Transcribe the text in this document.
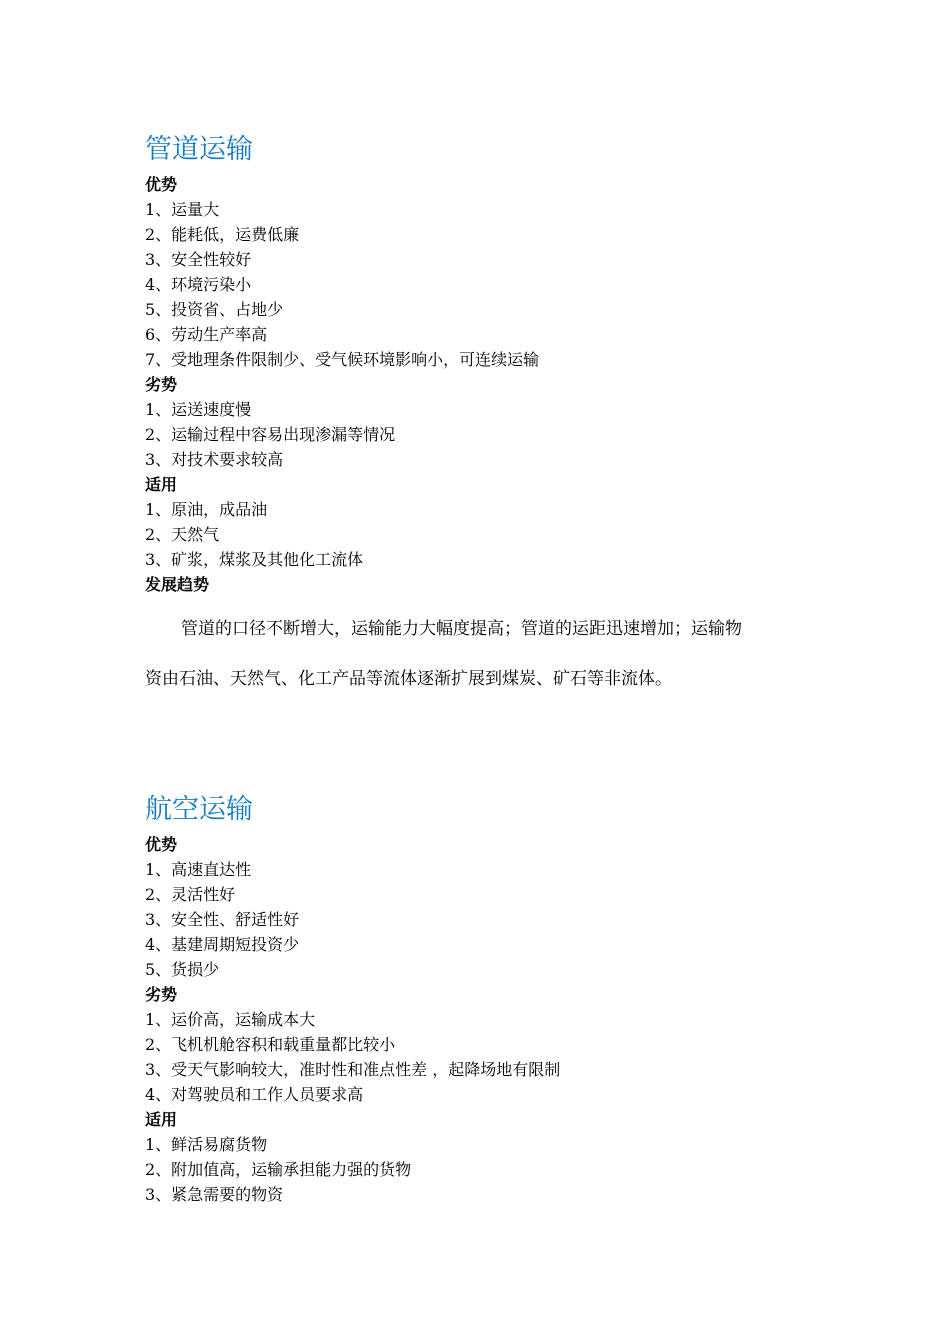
管道运输
优势
1、运量大
2、能耗低，运费低廉
3、安全性较好
4、环境污染小
5、投资省、占地少
6、劳动生产率高
7、受地理条件限制少、受气候环境影响小，可连续运输
劣势
1、运送速度慢
2、运输过程中容易出现渗漏等情况
3、对技术要求较高
适用
1、原油，成品油
2、天然气
3、矿浆，煤浆及其他化工流体
发展趋势

管道的口径不断增大，运输能力大幅度提高；管道的运距迅速增加；运输物
资由石油、天然气、化工产品等流体逐渐扩展到煤炭、矿石等非流体。

航空运输
优势
1、高速直达性
2、灵活性好
3、安全性、舒适性好
4、基建周期短投资少
5、货损少
劣势
1、运价高，运输成本大
2、飞机机舱容积和载重量都比较小
3、受天气影响较大，准时性和准点性差 ，起降场地有限制
4、对驾驶员和工作人员要求高
适用
1、鲜活易腐货物
2、附加值高，运输承担能力强的货物
3、紧急需要的物资
